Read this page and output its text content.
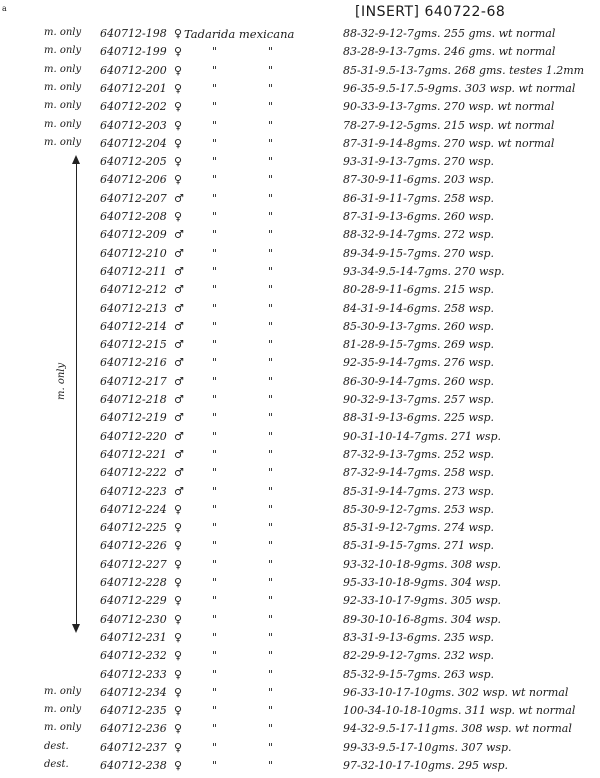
a	[INSERT] 640722-68
m. only
m. only 640712-198 ♀ Tadarida mexicana	88-32-9-12-7gms. 255 gms. wt normal
m. only 640712-199 ♀	"	"	83-28-9-13-7gms. 246 gms. wt normal
m. only 640712-200 ♀	"	"	85-31-9.5-13-7gms. 268 gms. testes 1.2mm
m. only 640712-201 ♀	"	"	96-35-9.5-17.5-9gms. 303 wsp. wt normal
m. only 640712-202 ♀	"	"	90-33-9-13-7gms. 270 wsp. wt normal
m. only 640712-203 ♀	"	"	78-27-9-12-5gms. 215 wsp. wt normal
m. only 640712-204 ♀	"	"	87-31-9-14-8gms. 270 wsp. wt normal
640712-205 ♀	"	"	93-31-9-13-7gms. 270 wsp.
640712-206 ♀	"	"	87-30-9-11-6gms. 203 wsp.
640712-207 ♂	"	"	86-31-9-11-7gms. 258 wsp.
640712-208 ♀	"	"	87-31-9-13-6gms. 260 wsp.
640712-209 ♂	"	"	88-32-9-14-7gms. 272 wsp.
640712-210 ♂	"	"	89-34-9-15-7gms. 270 wsp.
640712-211 ♂	"	"	93-34-9.5-14-7gms. 270 wsp.
640712-212 ♂	"	"	80-28-9-11-6gms. 215 wsp.
640712-213 ♂	"	"	84-31-9-14-6gms. 258 wsp.
640712-214 ♂	"	"	85-30-9-13-7gms. 260 wsp.
640712-215 ♂	"	"	81-28-9-15-7gms. 269 wsp.
640712-216 ♂	"	"	92-35-9-14-7gms. 276 wsp.
640712-217 ♂	"	"	86-30-9-14-7gms. 260 wsp.
640712-218 ♂	"	"	90-32-9-13-7gms. 257 wsp.
640712-219 ♂	"	"	88-31-9-13-6gms. 225 wsp.
640712-220 ♂	"	"	90-31-10-14-7gms. 271 wsp.
640712-221 ♂	"	"	87-32-9-13-7gms. 252 wsp.
640712-222 ♂	"	"	87-32-9-14-7gms. 258 wsp.
640712-223 ♂	"	"	85-31-9-14-7gms. 273 wsp.
640712-224 ♀	"	"	85-30-9-12-7gms. 253 wsp.
640712-225 ♀	"	"	85-31-9-12-7gms. 274 wsp.
640712-226 ♀	"	"	85-31-9-15-7gms. 271 wsp.
640712-227 ♀	"	"	93-32-10-18-9gms. 308 wsp.
640712-228 ♀	"	"	95-33-10-18-9gms. 304 wsp.
640712-229 ♀	"	"	92-33-10-17-9gms. 305 wsp.
640712-230 ♀	"	"	89-30-10-16-8gms. 304 wsp.
640712-231 ♀	"	"	83-31-9-13-6gms. 235 wsp.
640712-232 ♀	"	"	82-29-9-12-7gms. 232 wsp.
640712-233 ♀	"	"	85-32-9-15-7gms. 263 wsp.
m. only 640712-234 ♀	"	"	96-33-10-17-10gms. 302 wsp. wt normal
m. only 640712-235 ♀	"	"	100-34-10-18-10gms. 311 wsp. wt normal
m. only 640712-236 ♀	"	"	94-32-9.5-17-11gms. 308 wsp. wt normal
dest.	640712-237 ♀	"	"	99-33-9.5-17-10gms. 307 wsp.
dest.	640712-238 ♀	"	"	97-32-10-17-10gms. 295 wsp.
